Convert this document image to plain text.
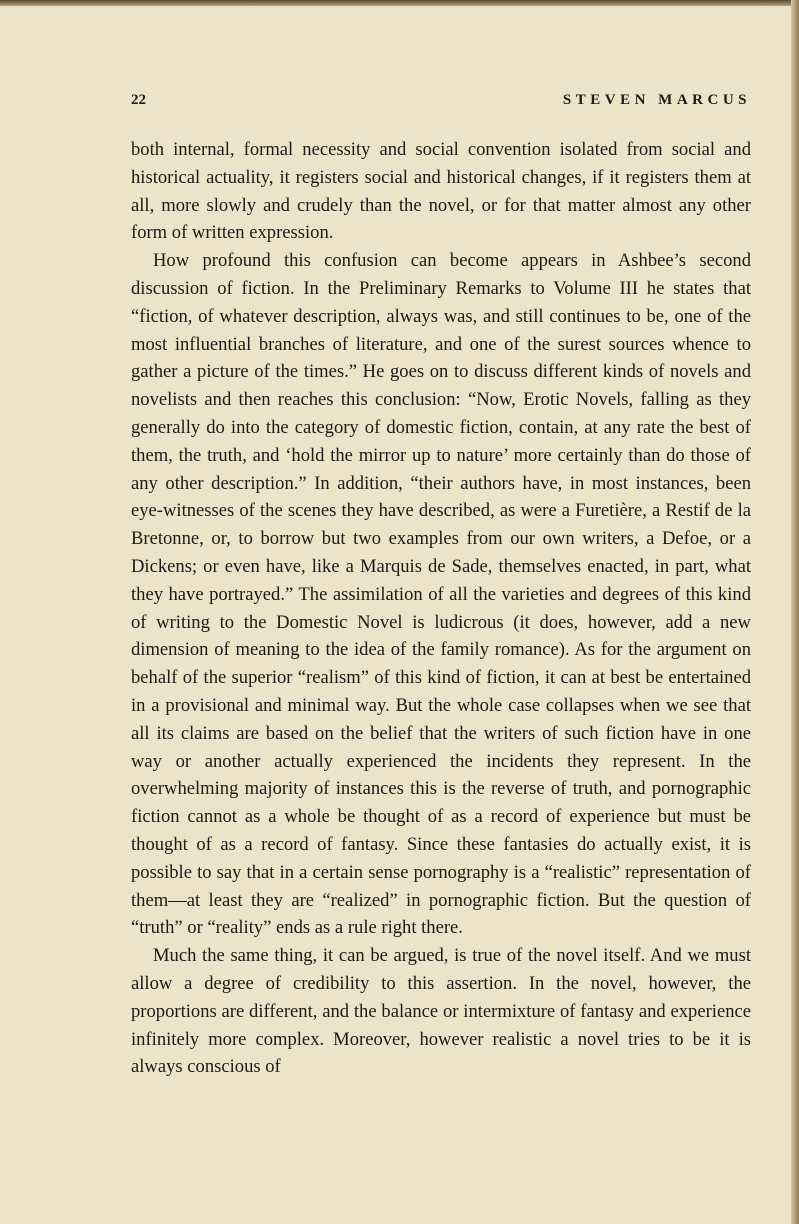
22	STEVEN MARCUS

both internal, formal necessity and social convention isolated from social and historical actuality, it registers social and historical changes, if it registers them at all, more slowly and crudely than the novel, or for that matter almost any other form of written expression.

How profound this confusion can become appears in Ashbee’s second discussion of fiction. In the Preliminary Remarks to Volume III he states that “fiction, of whatever description, always was, and still continues to be, one of the most influential branches of literature, and one of the surest sources whence to gather a picture of the times.” He goes on to discuss different kinds of novels and novelists and then reaches this conclusion: “Now, Erotic Novels, falling as they generally do into the category of domestic fiction, contain, at any rate the best of them, the truth, and ‘hold the mirror up to nature’ more certainly than do those of any other description.” In addition, “their authors have, in most instances, been eye-witnesses of the scenes they have described, as were a Furetière, a Restif de la Bretonne, or, to borrow but two examples from our own writers, a Defoe, or a Dickens; or even have, like a Marquis de Sade, themselves enacted, in part, what they have portrayed.” The assimilation of all the varieties and degrees of this kind of writing to the Domestic Novel is ludicrous (it does, however, add a new dimension of meaning to the idea of the family romance). As for the argument on behalf of the superior “realism” of this kind of fiction, it can at best be entertained in a provisional and minimal way. But the whole case collapses when we see that all its claims are based on the belief that the writers of such fiction have in one way or another actually experienced the incidents they represent. In the overwhelming majority of instances this is the reverse of truth, and pornographic fiction cannot as a whole be thought of as a record of experience but must be thought of as a record of fantasy. Since these fantasies do actually exist, it is possible to say that in a certain sense pornography is a “realistic” representation of them—at least they are “realized” in pornographic fiction. But the question of “truth” or “reality” ends as a rule right there.

Much the same thing, it can be argued, is true of the novel itself. And we must allow a degree of credibility to this assertion. In the novel, however, the proportions are different, and the balance or intermixture of fantasy and experience infinitely more complex. Moreover, however realistic a novel tries to be it is always conscious of
